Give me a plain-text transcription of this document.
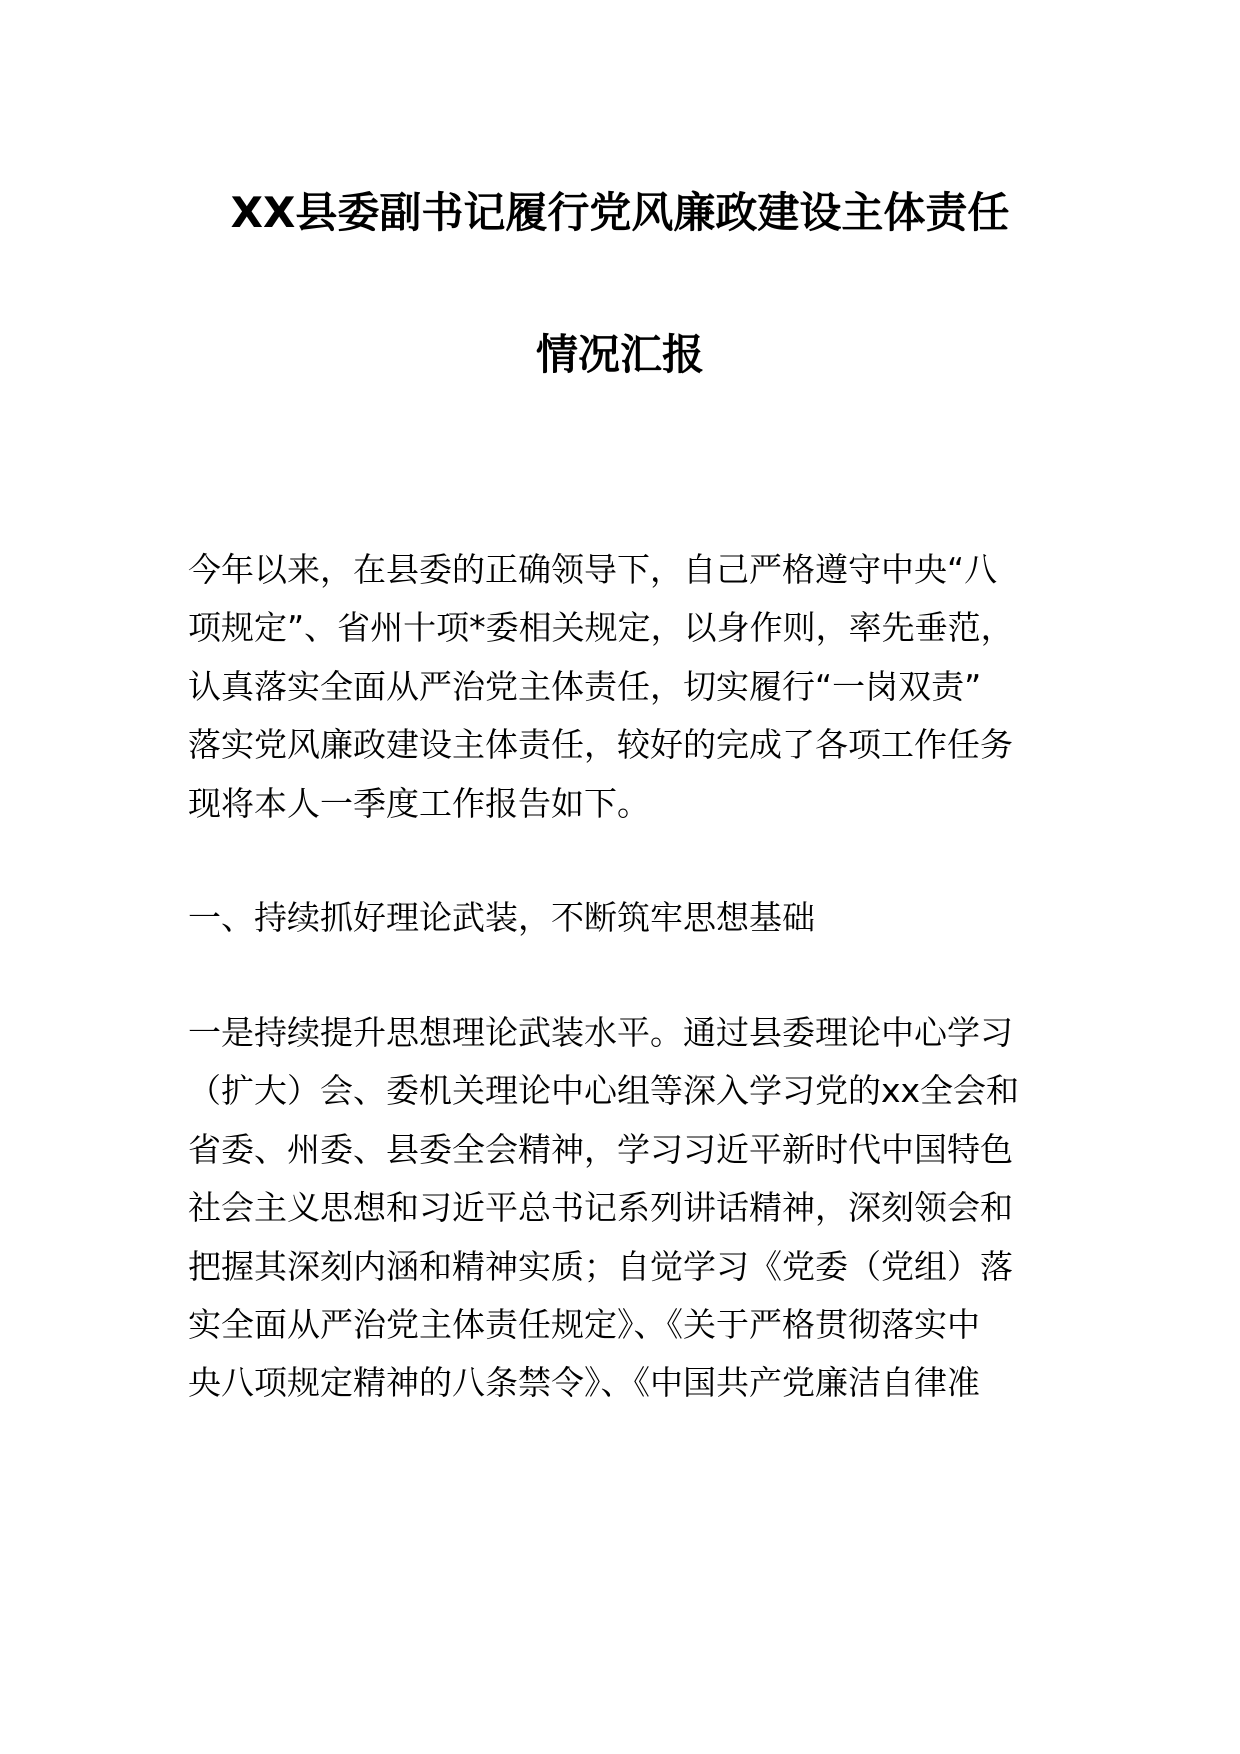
XX县委副书记履行党风廉政建设主体责任
情况汇报
今年以来，在县委的正确领导下，自己严格遵守中央“八
项规定”、省州十项*委相关规定，以身作则，率先垂范，
认真落实全面从严治党主体责任，切实履行“一岗双责”
落实党风廉政建设主体责任，较好的完成了各项工作任务
现将本人一季度工作报告如下。
一、持续抓好理论武装，不断筑牢思想基础
一是持续提升思想理论武装水平。通过县委理论中心学习
（扩大）会、委机关理论中心组等深入学习党的xx全会和
省委、州委、县委全会精神，学习习近平新时代中国特色
社会主义思想和习近平总书记系列讲话精神，深刻领会和
把握其深刻内涵和精神实质；自觉学习《党委（党组）落
实全面从严治党主体责任规定》、《关于严格贯彻落实中
央八项规定精神的八条禁令》、《中国共产党廉洁自律准
